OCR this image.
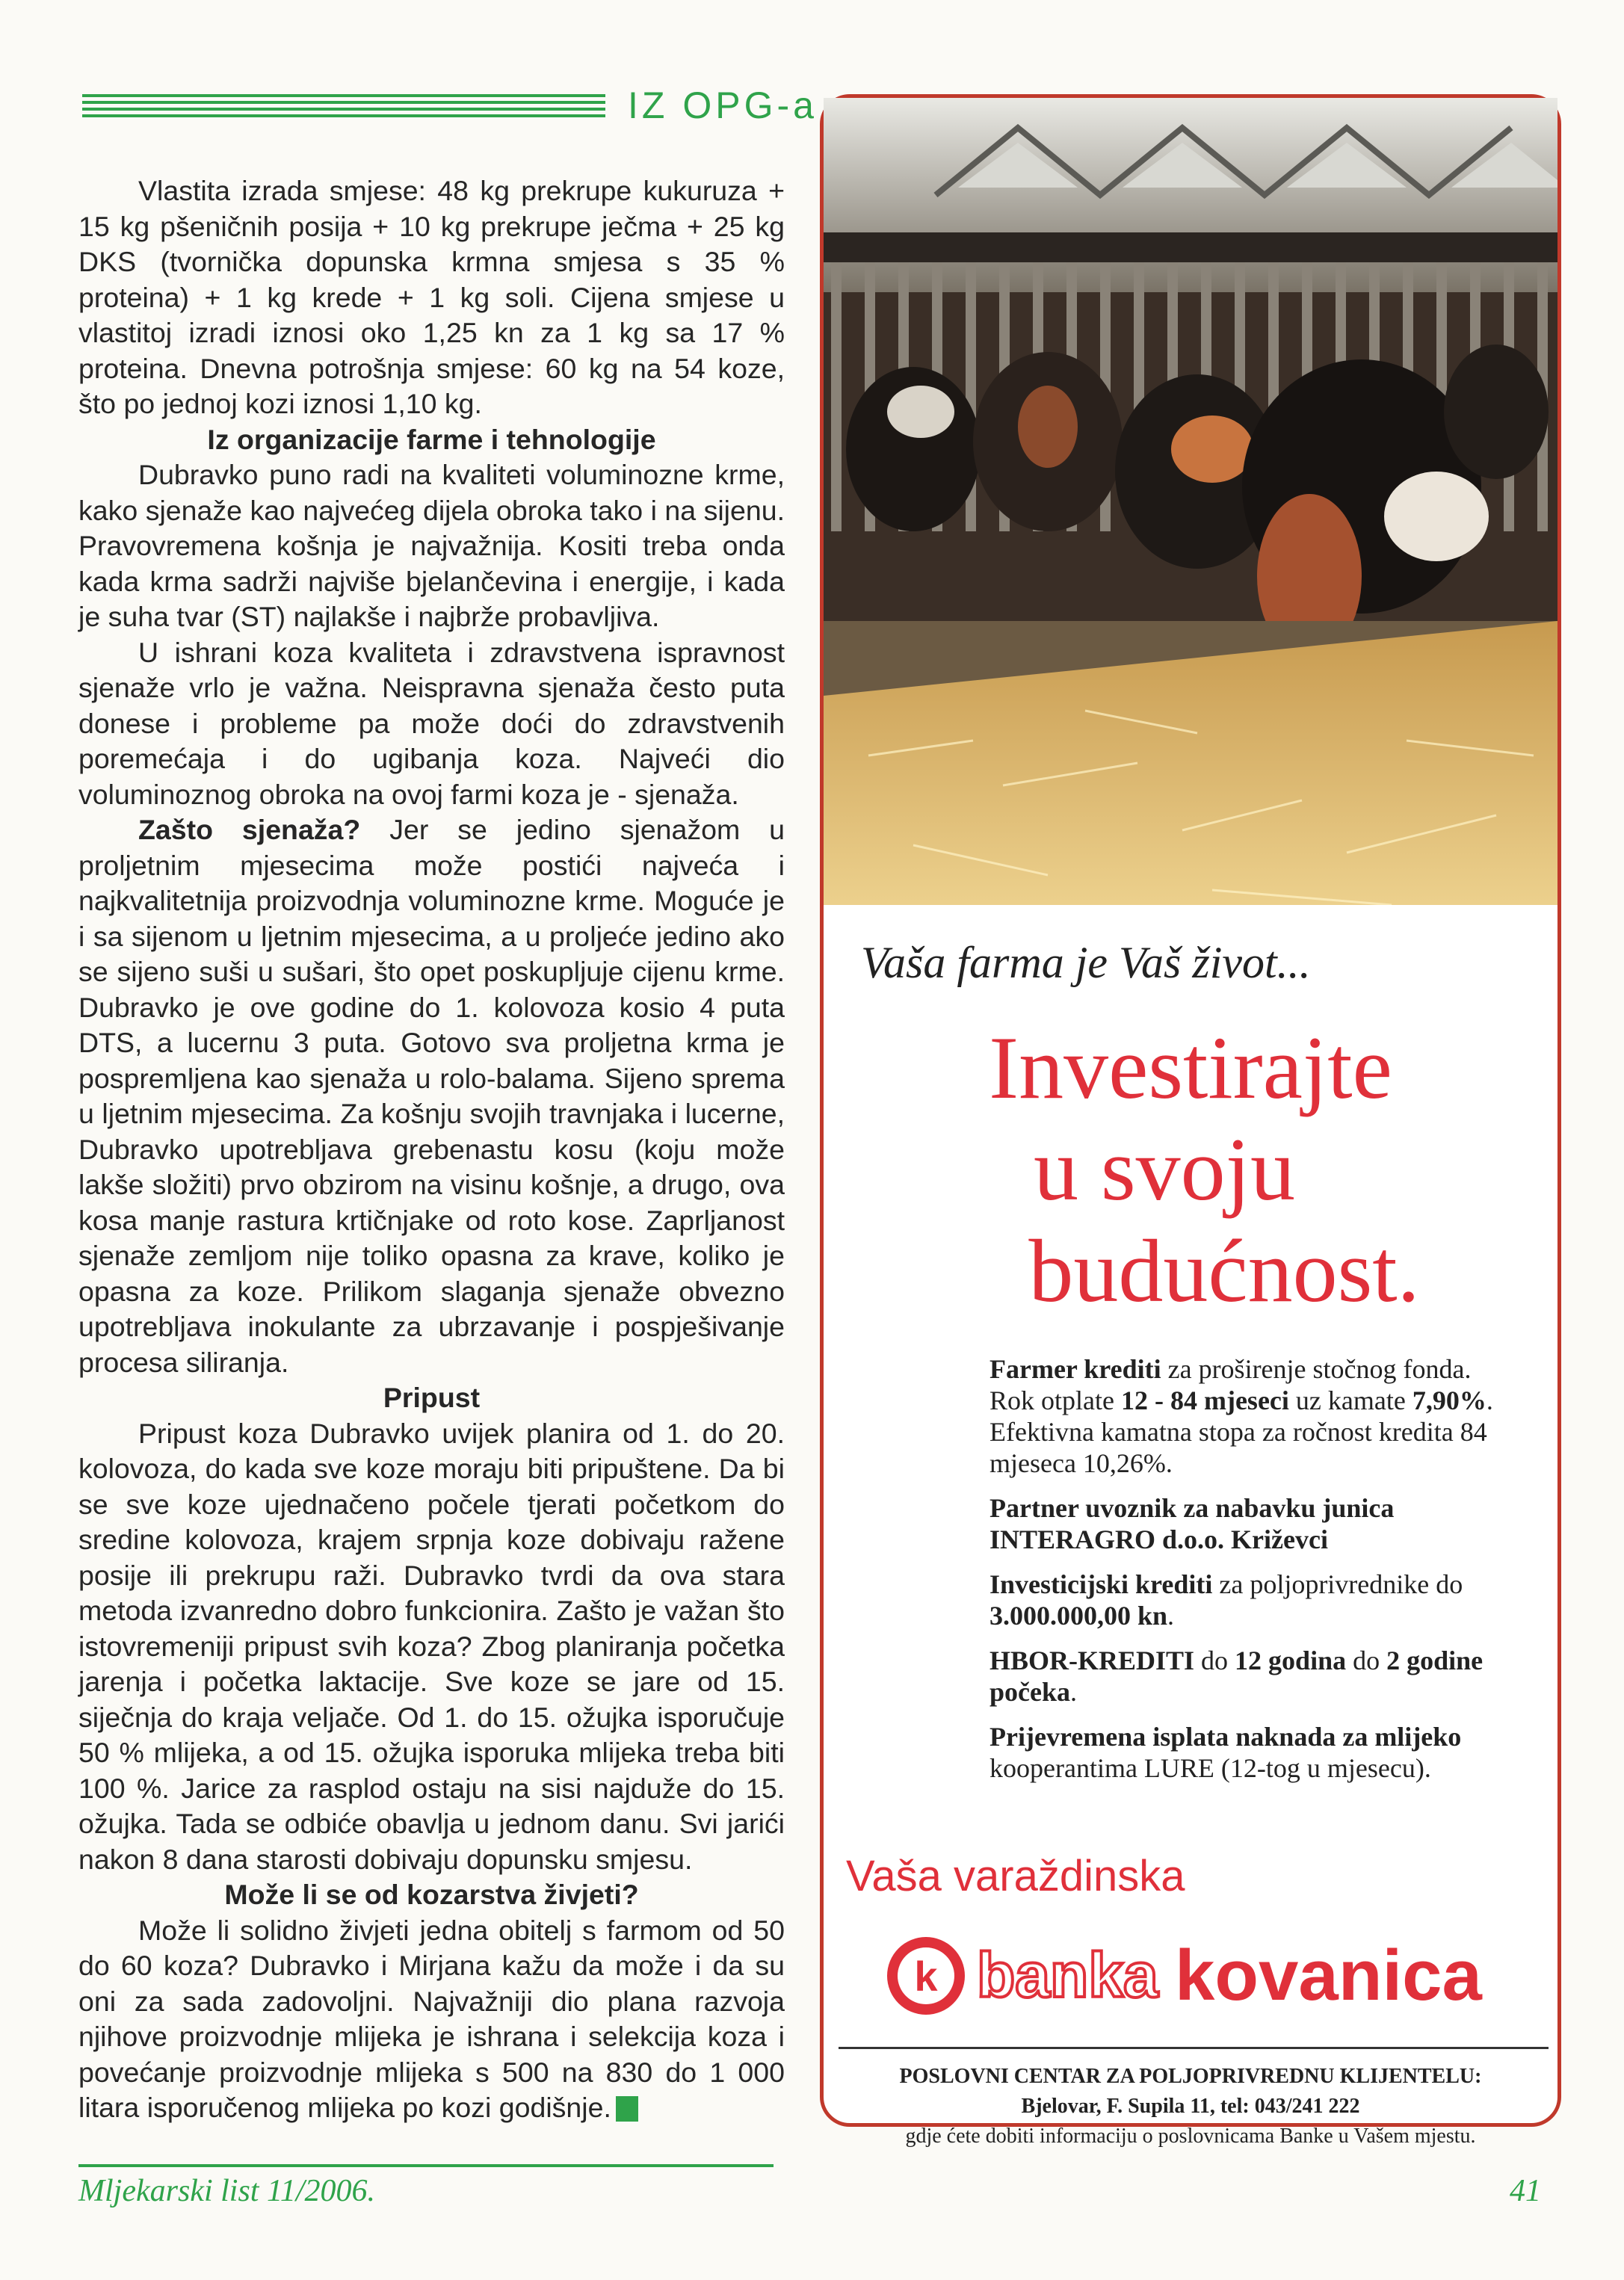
IZ OPG-a

Vlastita izrada smjese: 48 kg prekrupe kukuruza + 15 kg pšeničnih posija + 10 kg prekrupe ječma + 25 kg DKS (tvornička dopunska krmna smjesa s 35 % proteina) + 1 kg krede + 1 kg soli. Cijena smjese u vlastitoj izradi iznosi oko 1,25 kn za 1 kg sa 17 % proteina. Dnevna potrošnja smjese: 60 kg na 54 koze, što po jednoj kozi iznosi 1,10 kg.

Iz organizacije farme i tehnologije

Dubravko puno radi na kvaliteti voluminozne krme, kako sjenaže kao najvećeg dijela obroka tako i na sijenu. Pravovremena košnja je najvažnija. Kositi treba onda kada krma sadrži najviše bjelančevina i energije, i kada je suha tvar (ST) najlakše i najbrže probavljiva.

U ishrani koza kvaliteta i zdravstvena ispravnost sjenaže vrlo je važna. Neispravna sjenaža često puta donese i probleme pa može doći do zdravstvenih poremećaja i do ugibanja koza. Najveći dio voluminoznog obroka na ovoj farmi koza je - sjenaža.

Zašto sjenaža? Jer se jedino sjenažom u proljetnim mjesecima može postići najveća i najkvalitetnija proizvodnja voluminozne krme. Moguće je i sa sijenom u ljetnim mjesecima, a u proljeće jedino ako se sijeno suši u sušari, što opet poskupljuje cijenu krme. Dubravko je ove godine do 1. kolovoza kosio 4 puta DTS, a lucernu 3 puta. Gotovo sva proljetna krma je pospremljena kao sjenaža u rolo-balama. Sijeno sprema u ljetnim mjesecima. Za košnju svojih travnjaka i lucerne, Dubravko upotrebljava grebenastu kosu (koju može lakše složiti) prvo obzirom na visinu košnje, a drugo, ova kosa manje rastura krtičnjake od roto kose. Zaprljanost sjenaže zemljom nije toliko opasna za krave, koliko je opasna za koze. Prilikom slaganja sjenaže obvezno upotrebljava inokulante za ubrzavanje i pospješivanje procesa siliranja.

Pripust

Pripust koza Dubravko uvijek planira od 1. do 20. kolovoza, do kada sve koze moraju biti pripuštene. Da bi se sve koze ujednačeno počele tjerati početkom do sredine kolovoza, krajem srpnja koze dobivaju ražene posije ili prekrupu raži. Dubravko tvrdi da ova stara metoda izvanredno dobro funkcionira. Zašto je važan što istovremeniji pripust svih koza? Zbog planiranja početka jarenja i početka laktacije. Sve koze se jare od 15. siječnja do kraja veljače. Od 1. do 15. ožujka isporučuje 50 % mlijeka, a od 15. ožujka isporuka mlijeka treba biti 100 %. Jarice za rasplod ostaju na sisi najduže do 15. ožujka. Tada se odbiće obavlja u jednom danu. Svi jarići nakon 8 dana starosti dobivaju dopunsku smjesu.

Može li se od kozarstva živjeti?

Može li solidno živjeti jedna obitelj s farmom od 50 do 60 koza? Dubravko i Mirjana kažu da može i da su oni za sada zadovoljni. Najvažniji dio plana razvoja njihove proizvodnje mlijeka je ishrana i selekcija koza i povećanje proizvodnje mlijeka s 500 na 830 do 1 000 litara isporučenog mlijeka po kozi godišnje.

Vaša farma je Vaš život...
Investirajte
u svoju
budućnost.

Farmer krediti za proširenje stočnog fonda. Rok otplate 12 - 84 mjeseci uz kamate 7,90%. Efektivna kamatna stopa za ročnost kredita 84 mjeseca 10,26%.

Partner uvoznik za nabavku junica INTERAGRO d.o.o. Križevci

Investicijski krediti za poljoprivrednike do 3.000.000,00 kn.

HBOR-KREDITI do 12 godina do 2 godine počeka.

Prijevremena isplata naknada za mlijeko kooperantima LURE (12-tog u mjesecu).

Vaša varaždinska
k banka kovanica
POSLOVNI CENTAR ZA POLJOPRIVREDNU KLIJENTELU:
Bjelovar, F. Supila 11, tel: 043/241 222
gdje ćete dobiti informaciju o poslovnicama Banke u Vašem mjestu.
Mljekarski list 11/2006.	41
